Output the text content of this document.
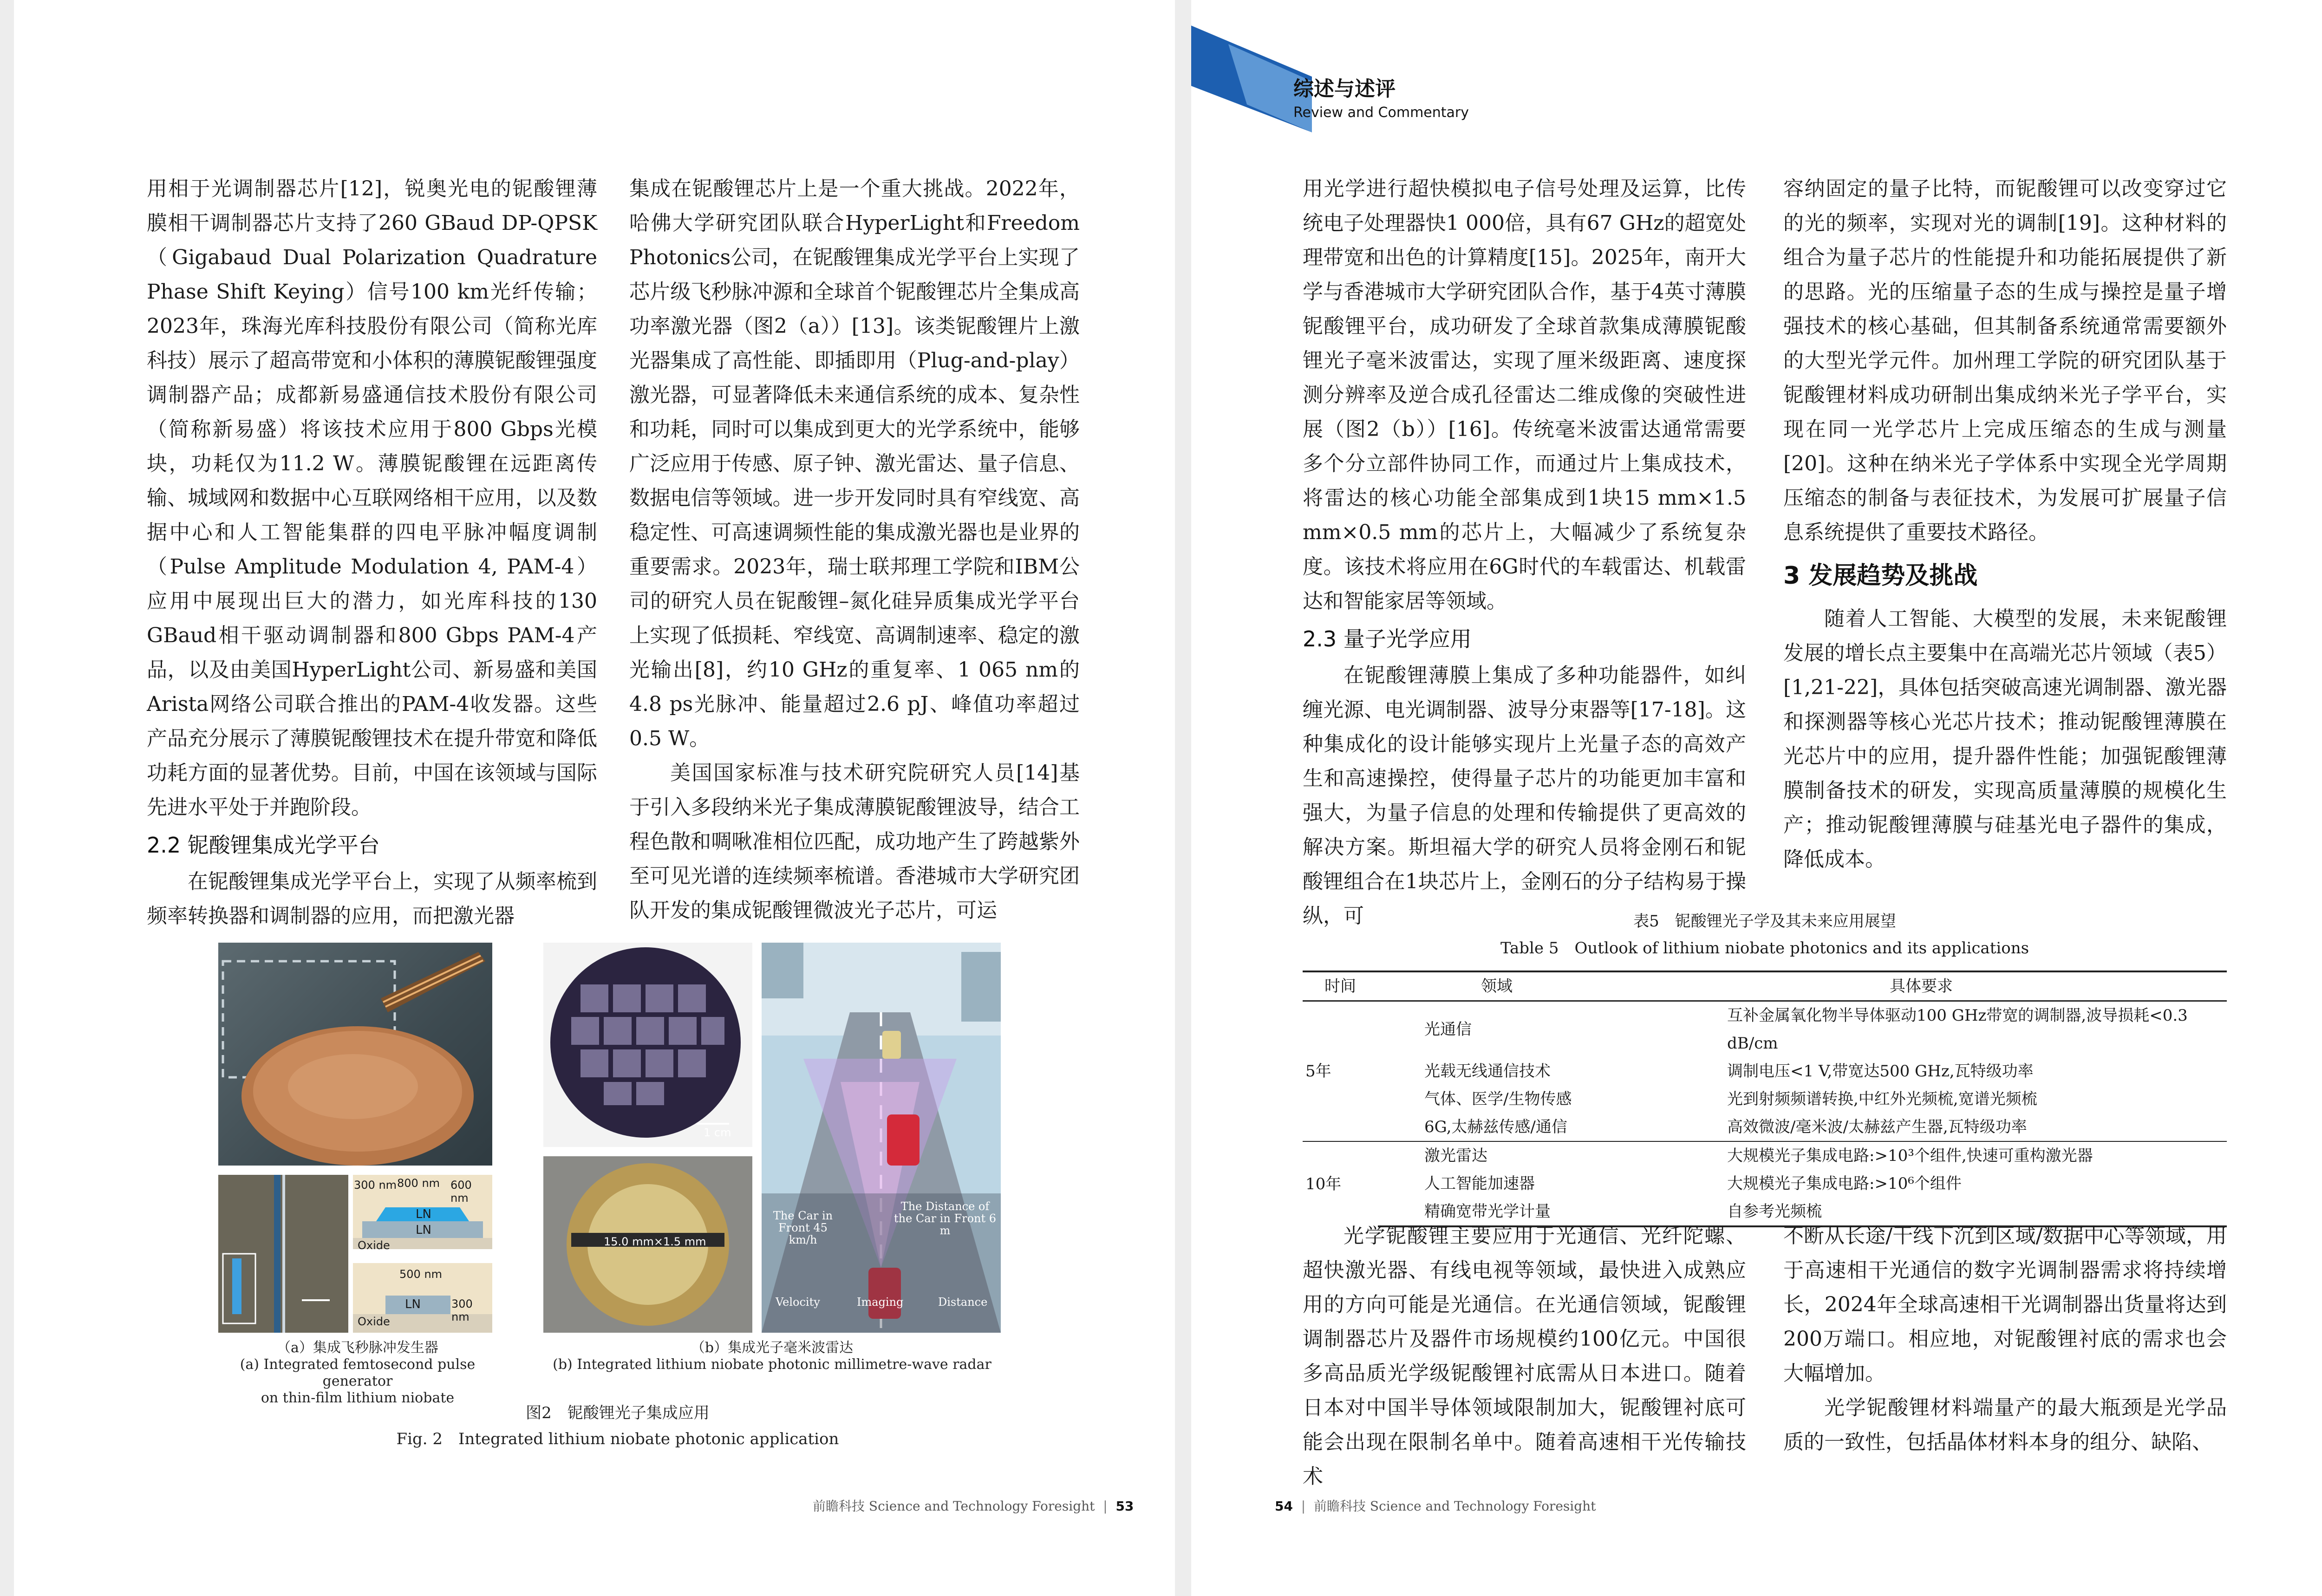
用相于光调制器芯片[12]，锐奥光电的铌酸锂薄膜相干调制器芯片支持了260 GBaud DP-QPSK（Gigabaud Dual Polarization Quadrature Phase Shift Keying）信号100 km光纤传输；2023年，珠海光库科技股份有限公司（简称光库科技）展示了超高带宽和小体积的薄膜铌酸锂强度调制器产品；成都新易盛通信技术股份有限公司（简称新易盛）将该技术应用于800 Gbps光模块，功耗仅为11.2 W。薄膜铌酸锂在远距离传输、城域网和数据中心互联网络相干应用，以及数据中心和人工智能集群的四电平脉冲幅度调制（Pulse Amplitude Modulation 4, PAM-4）应用中展现出巨大的潜力，如光库科技的130 GBaud相干驱动调制器和800 Gbps PAM-4产品，以及由美国HyperLight公司、新易盛和美国Arista网络公司联合推出的PAM-4收发器。这些产品充分展示了薄膜铌酸锂技术在提升带宽和降低功耗方面的显著优势。目前，中国在该领域与国际先进水平处于并跑阶段。

2.2 铌酸锂集成光学平台

在铌酸锂集成光学平台上，实现了从频率梳到频率转换器和调制器的应用，而把激光器

集成在铌酸锂芯片上是一个重大挑战。2022年，哈佛大学研究团队联合HyperLight和Freedom Photonics公司，在铌酸锂集成光学平台上实现了芯片级飞秒脉冲源和全球首个铌酸锂芯片全集成高功率激光器（图2（a））[13]。该类铌酸锂片上激光器集成了高性能、即插即用（Plug-and-play）激光器，可显著降低未来通信系统的成本、复杂性和功耗，同时可以集成到更大的光学系统中，能够广泛应用于传感、原子钟、激光雷达、量子信息、数据电信等领域。进一步开发同时具有窄线宽、高稳定性、可高速调频性能的集成激光器也是业界的重要需求。2023年，瑞士联邦理工学院和IBM公司的研究人员在铌酸锂–氮化硅异质集成光学平台上实现了低损耗、窄线宽、高调制速率、稳定的激光输出[8]，约10 GHz的重复率、1 065 nm的4.8 ps光脉冲、能量超过2.6 pJ、峰值功率超过0.5 W。

美国国家标准与技术研究院研究人员[14]基于引入多段纳米光子集成薄膜铌酸锂波导，结合工程色散和啁啾准相位匹配，成功地产生了跨越紫外至可见光谱的连续频率梳谱。香港城市大学研究团队开发的集成铌酸锂微波光子芯片，可运

300 nm 800 nm 600 nm
LN
LN
Oxide
500 nm
LN	300 nm
Oxide
1 cm
15.0 mm×1.5 mm
The Car in Front 45 km/h
The Distance of the Car in Front 6 m
Velocity	Imaging	Distance
（a）集成飞秒脉冲发生器
(a) Integrated femtosecond pulse generator
on thin-film lithium niobate
（b）集成光子毫米波雷达
(b) Integrated lithium niobate photonic millimetre-wave radar
图2　铌酸锂光子集成应用
Fig. 2　Integrated lithium niobate photonic application
前瞻科技 Science and Technology Foresight  |  53
综述与述评
Review and Commentary

用光学进行超快模拟电子信号处理及运算，比传统电子处理器快1 000倍，具有67 GHz的超宽处理带宽和出色的计算精度[15]。2025年，南开大学与香港城市大学研究团队合作，基于4英寸薄膜铌酸锂平台，成功研发了全球首款集成薄膜铌酸锂光子毫米波雷达，实现了厘米级距离、速度探测分辨率及逆合成孔径雷达二维成像的突破性进展（图2（b））[16]。传统毫米波雷达通常需要多个分立部件协同工作，而通过片上集成技术，将雷达的核心功能全部集成到1块15 mm×1.5 mm×0.5 mm的芯片上，大幅减少了系统复杂度。该技术将应用在6G时代的车载雷达、机载雷达和智能家居等领域。

2.3 量子光学应用

在铌酸锂薄膜上集成了多种功能器件，如纠缠光源、电光调制器、波导分束器等[17-18]。这种集成化的设计能够实现片上光量子态的高效产生和高速操控，使得量子芯片的功能更加丰富和强大，为量子信息的处理和传输提供了更高效的解决方案。斯坦福大学的研究人员将金刚石和铌酸锂组合在1块芯片上，金刚石的分子结构易于操纵，可

容纳固定的量子比特，而铌酸锂可以改变穿过它的光的频率，实现对光的调制[19]。这种材料的组合为量子芯片的性能提升和功能拓展提供了新的思路。光的压缩量子态的生成与操控是量子增强技术的核心基础，但其制备系统通常需要额外的大型光学元件。加州理工学院的研究团队基于铌酸锂材料成功研制出集成纳米光子学平台，实现在同一光学芯片上完成压缩态的生成与测量[20]。这种在纳米光子学体系中实现全光学周期压缩态的制备与表征技术，为发展可扩展量子信息系统提供了重要技术路径。

3 发展趋势及挑战

随着人工智能、大模型的发展，未来铌酸锂发展的增长点主要集中在高端光芯片领域（表5）[1,21-22]，具体包括突破高速光调制器、激光器和探测器等核心光芯片技术；推动铌酸锂薄膜在光芯片中的应用，提升器件性能；加强铌酸锂薄膜制备技术的研发，实现高质量薄膜的规模化生产；推动铌酸锂薄膜与硅基光电子器件的集成，降低成本。

表5　铌酸锂光子学及其未来应用展望
Table 5　Outlook of lithium niobate photonics and its applications
时间	领域	具体要求
5年	光通信	互补金属氧化物半导体驱动100 GHz带宽的调制器,波导损耗<0.3 dB/cm
	光载无线通信技术	调制电压<1 V,带宽达500 GHz,瓦特级功率
	气体、医学/生物传感	光到射频频谱转换,中红外光频梳,宽谱光频梳
	6G,太赫兹传感/通信	高效微波/毫米波/太赫兹产生器,瓦特级功率
10年	激光雷达	大规模光子集成电路:>10³个组件,快速可重构激光器
	人工智能加速器	大规模光子集成电路:>10⁶个组件
	精确宽带光学计量	自参考光频梳

光学铌酸锂主要应用于光通信、光纤陀螺、超快激光器、有线电视等领域，最快进入成熟应用的方向可能是光通信。在光通信领域，铌酸锂调制器芯片及器件市场规模约100亿元。中国很多高品质光学级铌酸锂衬底需从日本进口。随着日本对中国半导体领域限制加大，铌酸锂衬底可能会出现在限制名单中。随着高速相干光传输技术

不断从长途/干线下沉到区域/数据中心等领域，用于高速相干光通信的数字光调制器需求将持续增长，2024年全球高速相干光调制器出货量将达到200万端口。相应地，对铌酸锂衬底的需求也会大幅增加。

光学铌酸锂材料端量产的最大瓶颈是光学品质的一致性，包括晶体材料本身的组分、缺陷、

54  |  前瞻科技 Science and Technology Foresight
